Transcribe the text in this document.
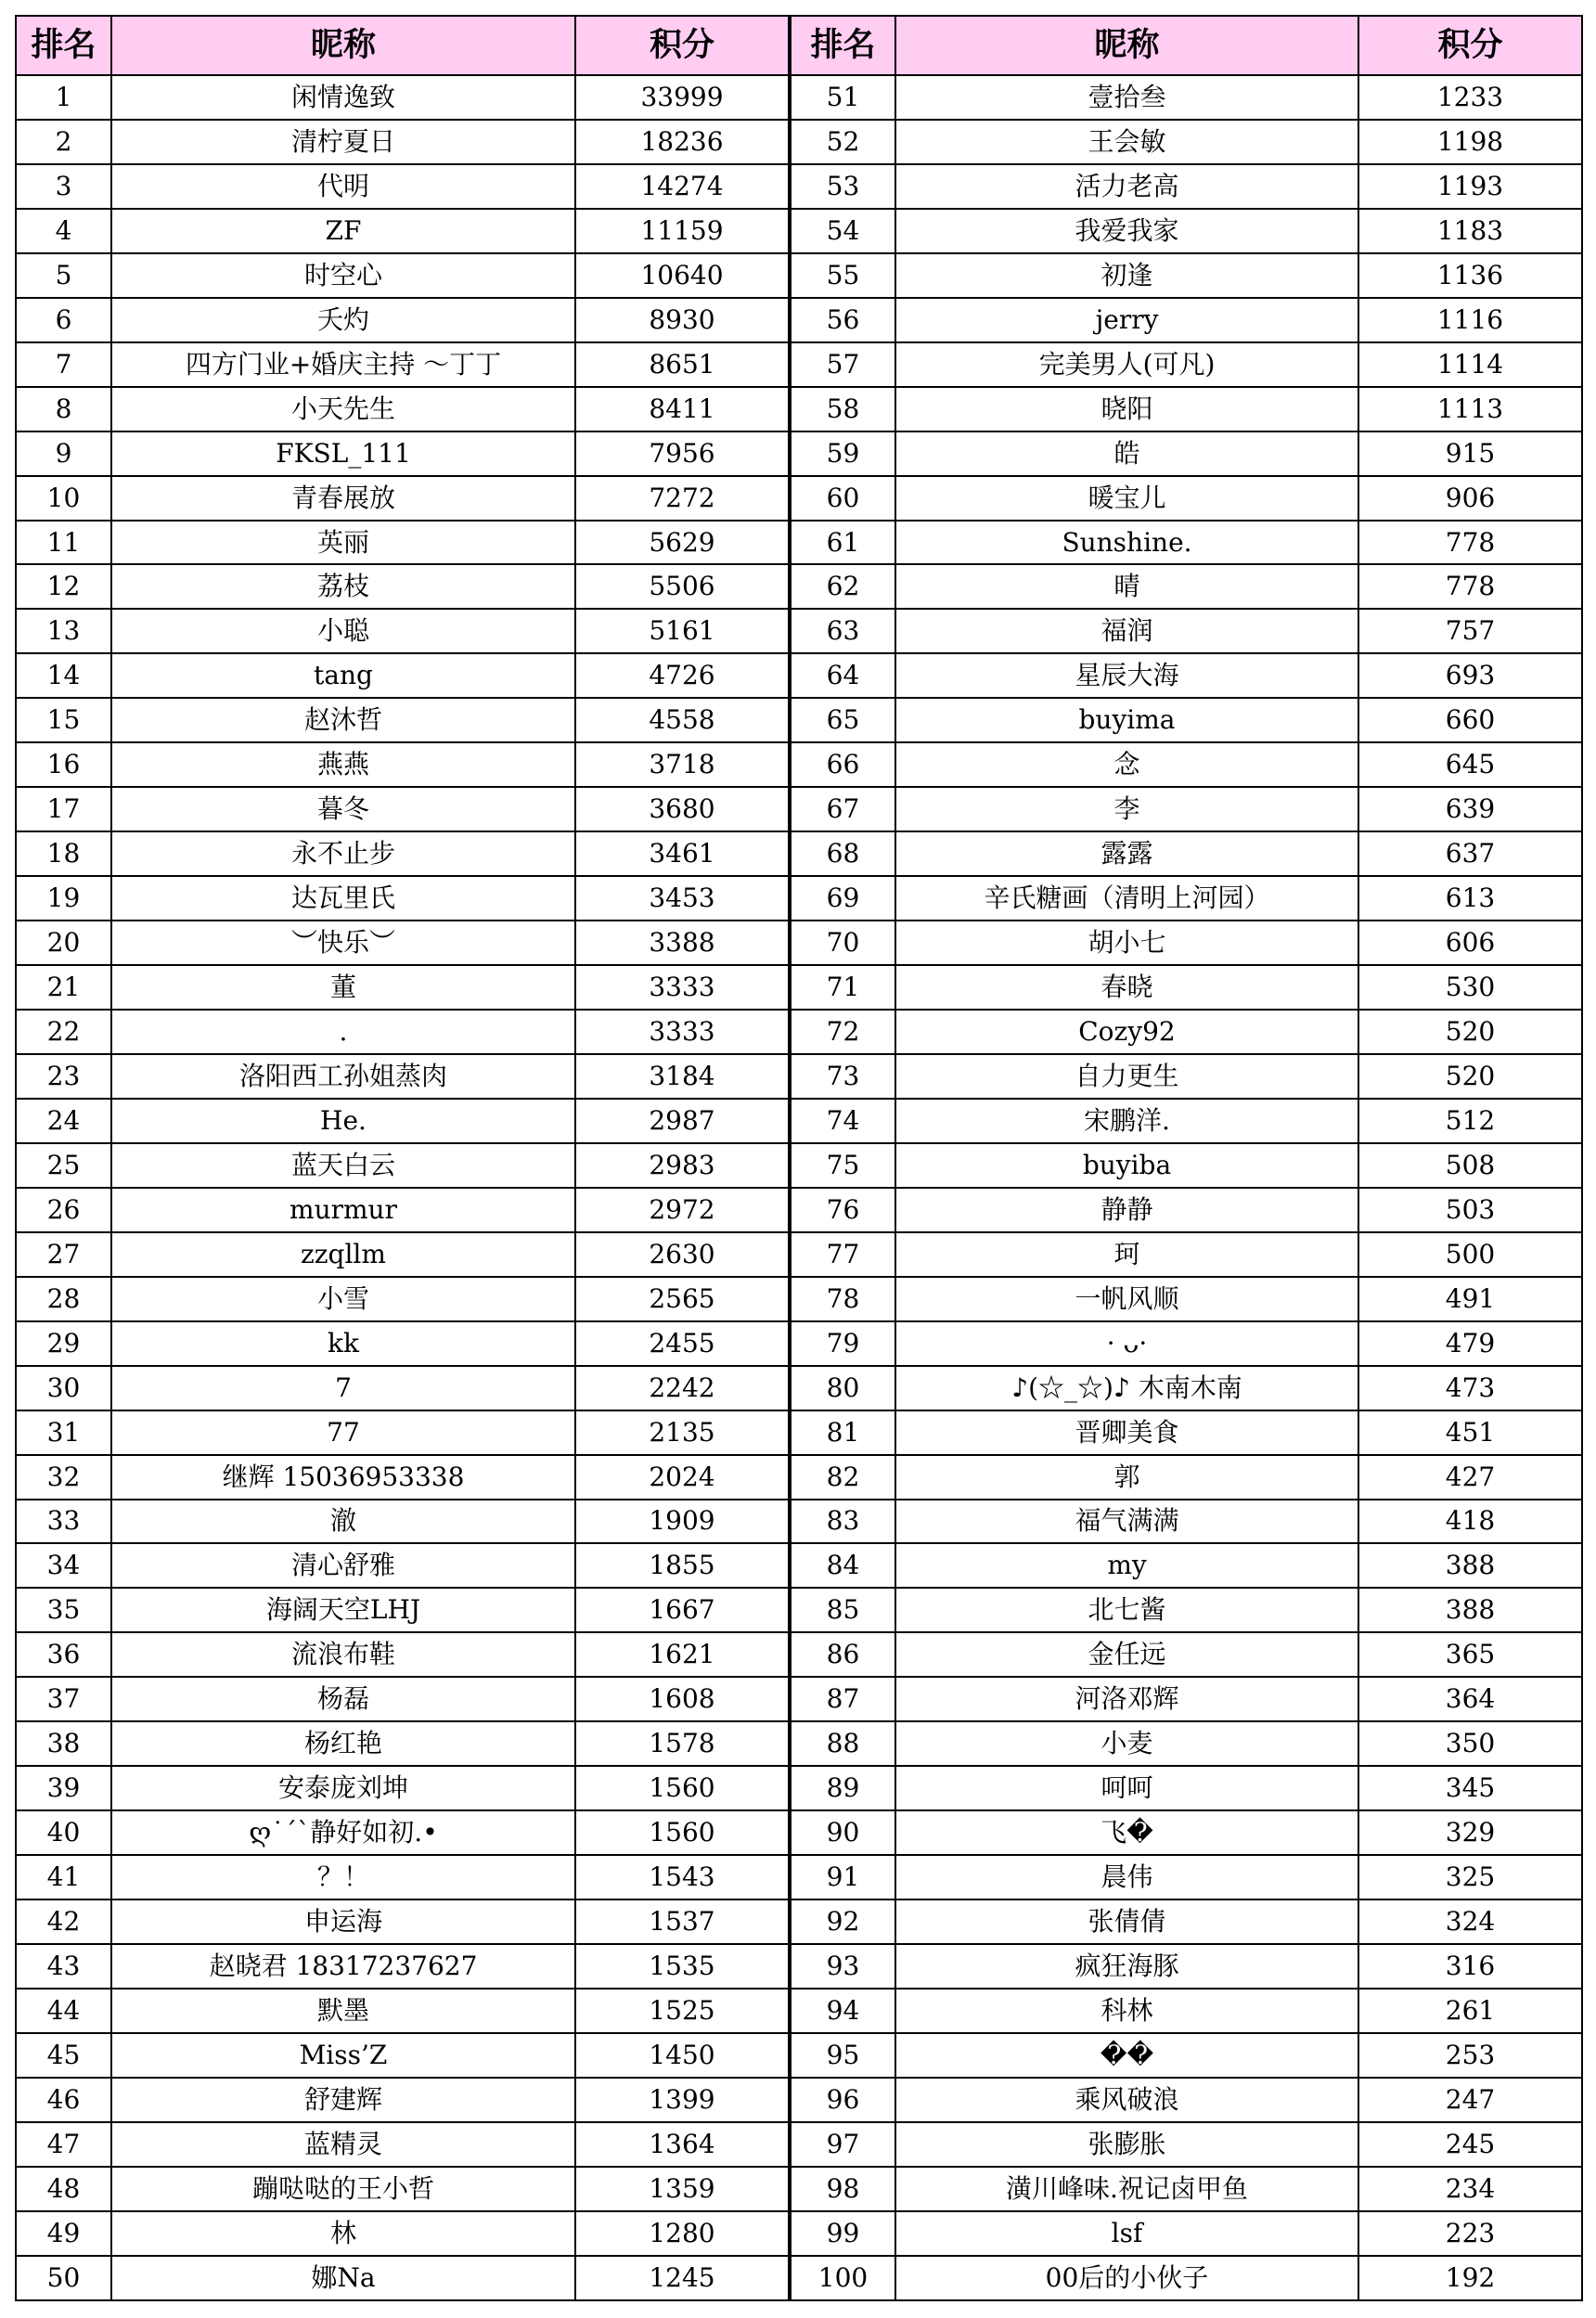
排名	昵称	积分	排名	昵称	积分
1	闲情逸致	33999	51	壹拾叁	1233
2	清柠夏日	18236	52	王会敏	1198
3	代明	14274	53	活力老高	1193
4	ZF	11159	54	我爱我家	1183
5	时空心	10640	55	初逢	1136
6	夭灼	8930	56	jerry	1116
7	四方门业+婚庆主持 ～丁丁	8651	57	完美男人(可凡)	1114
8	小天先生	8411	58	晓阳	1113
9	FKSL_111	7956	59	皓	915
10	青春展放	7272	60	暖宝儿	906
11	英丽	5629	61	Sunshine.	778
12	荔枝	5506	62	晴	778
13	小聪	5161	63	福润	757
14	tang	4726	64	星辰大海	693
15	赵沐哲	4558	65	buyima	660
16	燕燕	3718	66	念	645
17	暮冬	3680	67	李	639
18	永不止步	3461	68	露露	637
19	达瓦里氏	3453	69	辛氏糖画（清明上河园）	613
20	︶快乐︶	3388	70	胡小七	606
21	董	3333	71	春晓	530
22	.	3333	72	Cozy92	520
23	洛阳西工孙姐蒸肉	3184	73	自力更生	520
24	He.	2987	74	宋鹏洋.	512
25	蓝天白云	2983	75	buyiba	508
26	murmur	2972	76	静静	503
27	zzqllm	2630	77	珂	500
28	小雪	2565	78	一帆风顺	491
29	kk	2455	79	· ᴗ·	479
30	7	2242	80	♪(☆_☆)♪ 木南木南	473
31	77	2135	81	晋卿美食	451
32	继辉 15036953338	2024	82	郭	427
33	澈	1909	83	福气满满	418
34	清心舒雅	1855	84	my	388
35	海阔天空LHJ	1667	85	北七酱	388
36	流浪布鞋	1621	86	金任远	365
37	杨磊	1608	87	河洛邓辉	364
38	杨红艳	1578	88	小麦	350
39	安泰庞刘坤	1560	89	呵呵	345
40	ღ˙ˊˋ静好如初.•	1560	90	飞�	329
41	？！	1543	91	晨伟	325
42	申运海	1537	92	张倩倩	324
43	赵晓君 18317237627	1535	93	疯狂海豚	316
44	默墨	1525	94	科林	261
45	Miss’Z	1450	95	��	253
46	舒建辉	1399	96	乘风破浪	247
47	蓝精灵	1364	97	张膨胀	245
48	蹦哒哒的王小哲	1359	98	潢川峰味.祝记卤甲鱼	234
49	林	1280	99	lsf	223
50	娜Na	1245	100	00后的小伙子	192
